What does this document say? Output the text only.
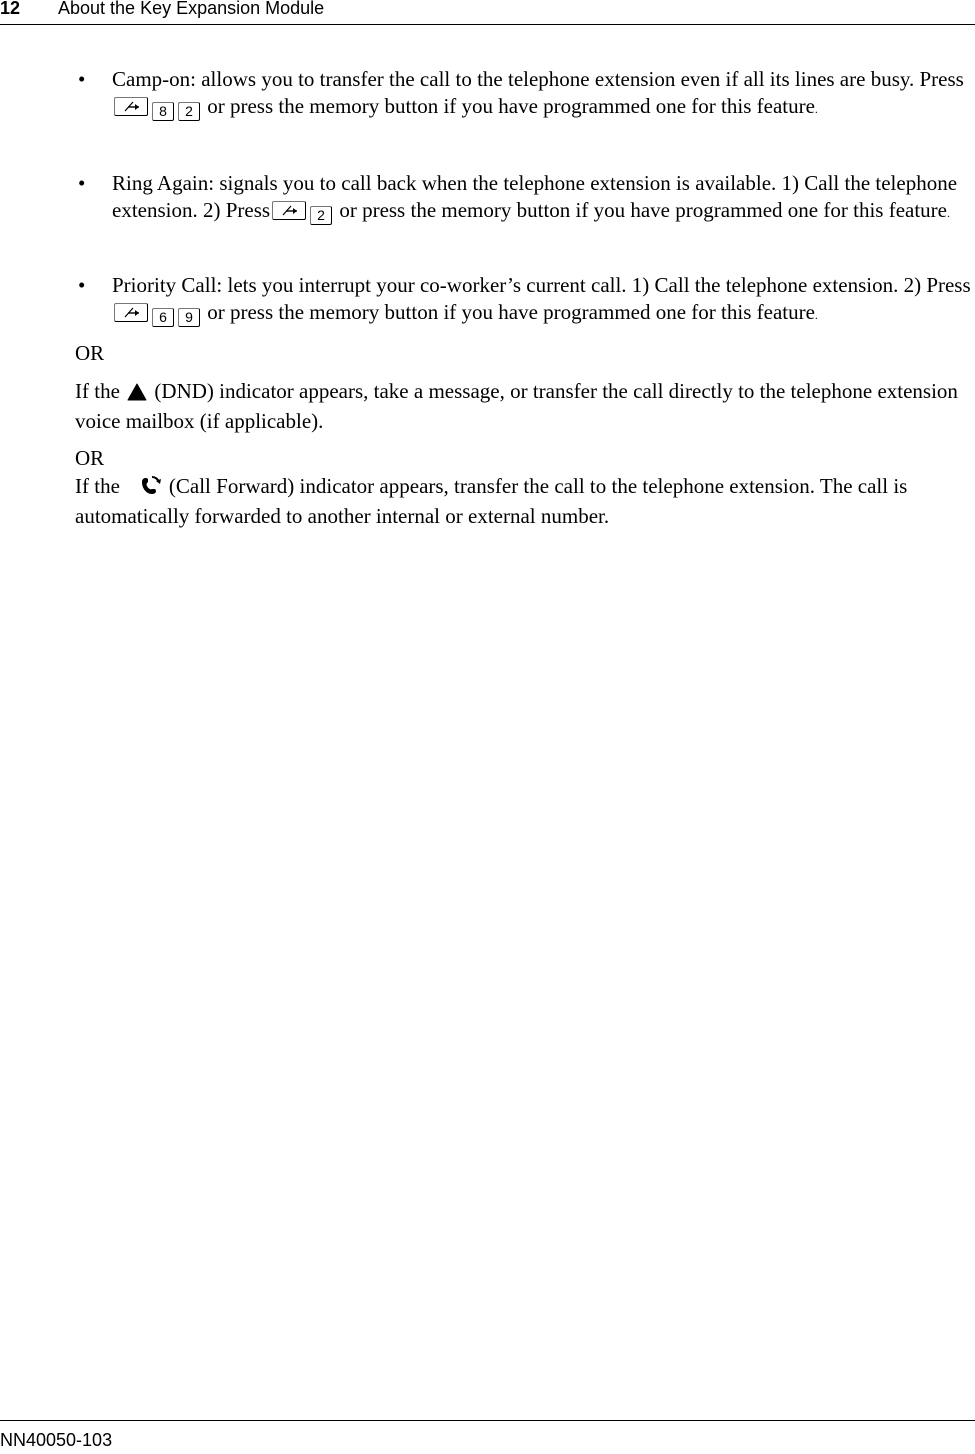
12 About the Key Expansion Module
• Camp-on: allows you to transfer the call to the telephone extension even if all its lines are busy. Press
8 2 or press the memory button if you have programmed one for this feature.
• Ring Again: signals you to call back when the telephone extension is available. 1) Call the telephone extension. 2) Press	2 or press the memory button if you have programmed one for this feature.
• Priority Call: lets you interrupt your co-worker’s current call. 1) Call the telephone extension. 2) Press
6 9 or press the memory button if you have programmed one for this feature.
OR
If the (DND) indicator appears, take a message, or transfer the call directly to the telephone extension voice mailbox (if applicable).
OR
If the (Call Forward) indicator appears, transfer the call to the telephone extension. The call is automatically forwarded to another internal or external number.
NN40050-103
